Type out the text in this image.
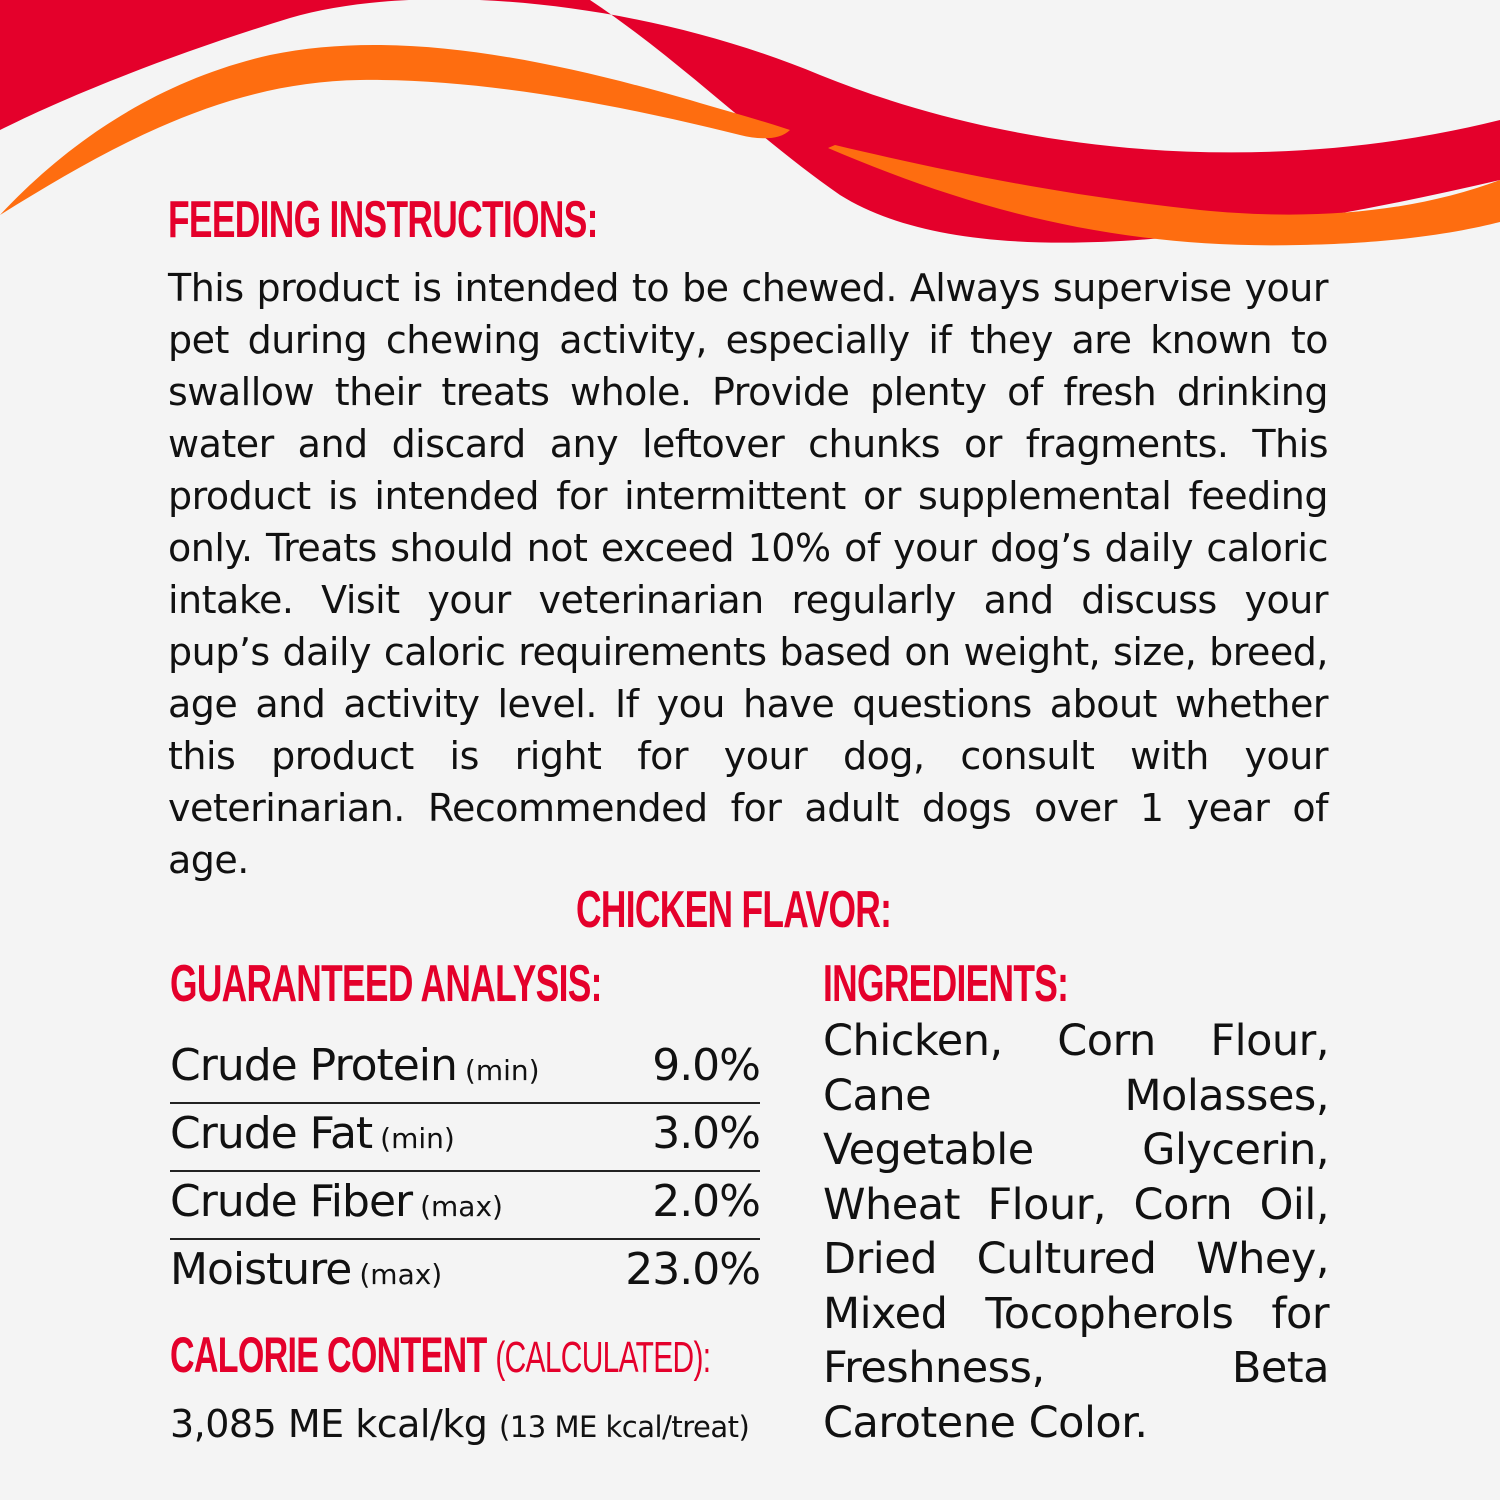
FEEDING INSTRUCTIONS:

This product is intended to be chewed. Always supervise your pet during chewing activity, especially if they are known to swallow their treats whole. Provide plenty of fresh drinking water and discard any leftover chunks or fragments. This product is intended for intermittent or supplemental feeding only. Treats should not exceed 10% of your dog’s daily caloric intake. Visit your veterinarian regularly and discuss your pup’s daily caloric requirements based on weight, size, breed, age and activity level. If you have questions about whether this product is right for your dog, consult with your veterinarian. Recommended for adult dogs over 1 year of age.

CHICKEN FLAVOR:
GUARANTEED ANALYSIS:
Crude Protein (min)	9.0%
Crude Fat (min)	3.0%
Crude Fiber (max)	2.0%
Moisture (max)	23.0%
CALORIE CONTENT (CALCULATED):
3,085 ME kcal/kg (13 ME kcal/treat)
INGREDIENTS:

Chicken, Corn Flour, Cane Molasses, Vegetable Glycerin, Wheat Flour, Corn Oil, Dried Cultured Whey, Mixed Tocopherols for Freshness, Beta Carotene Color.
